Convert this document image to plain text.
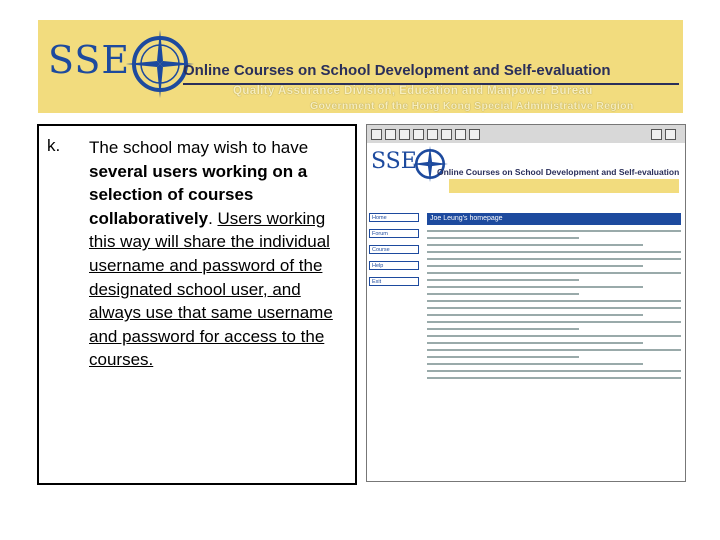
SSE	Online Courses on School Development and Self-evaluation
Quality Assurance Division, Education and Manpower Bureau
Government of the Hong Kong Special Administrative Region
k. The school may wish to have several users working on a selection of courses collaboratively. Users working this way will share the individual username and password of the designated school user, and always use that same username and password for access to the courses.
SSE Online Courses on School Development and Self-evaluation
Home
Forum
Course
Help
Exit
Joe Leung's homepage
